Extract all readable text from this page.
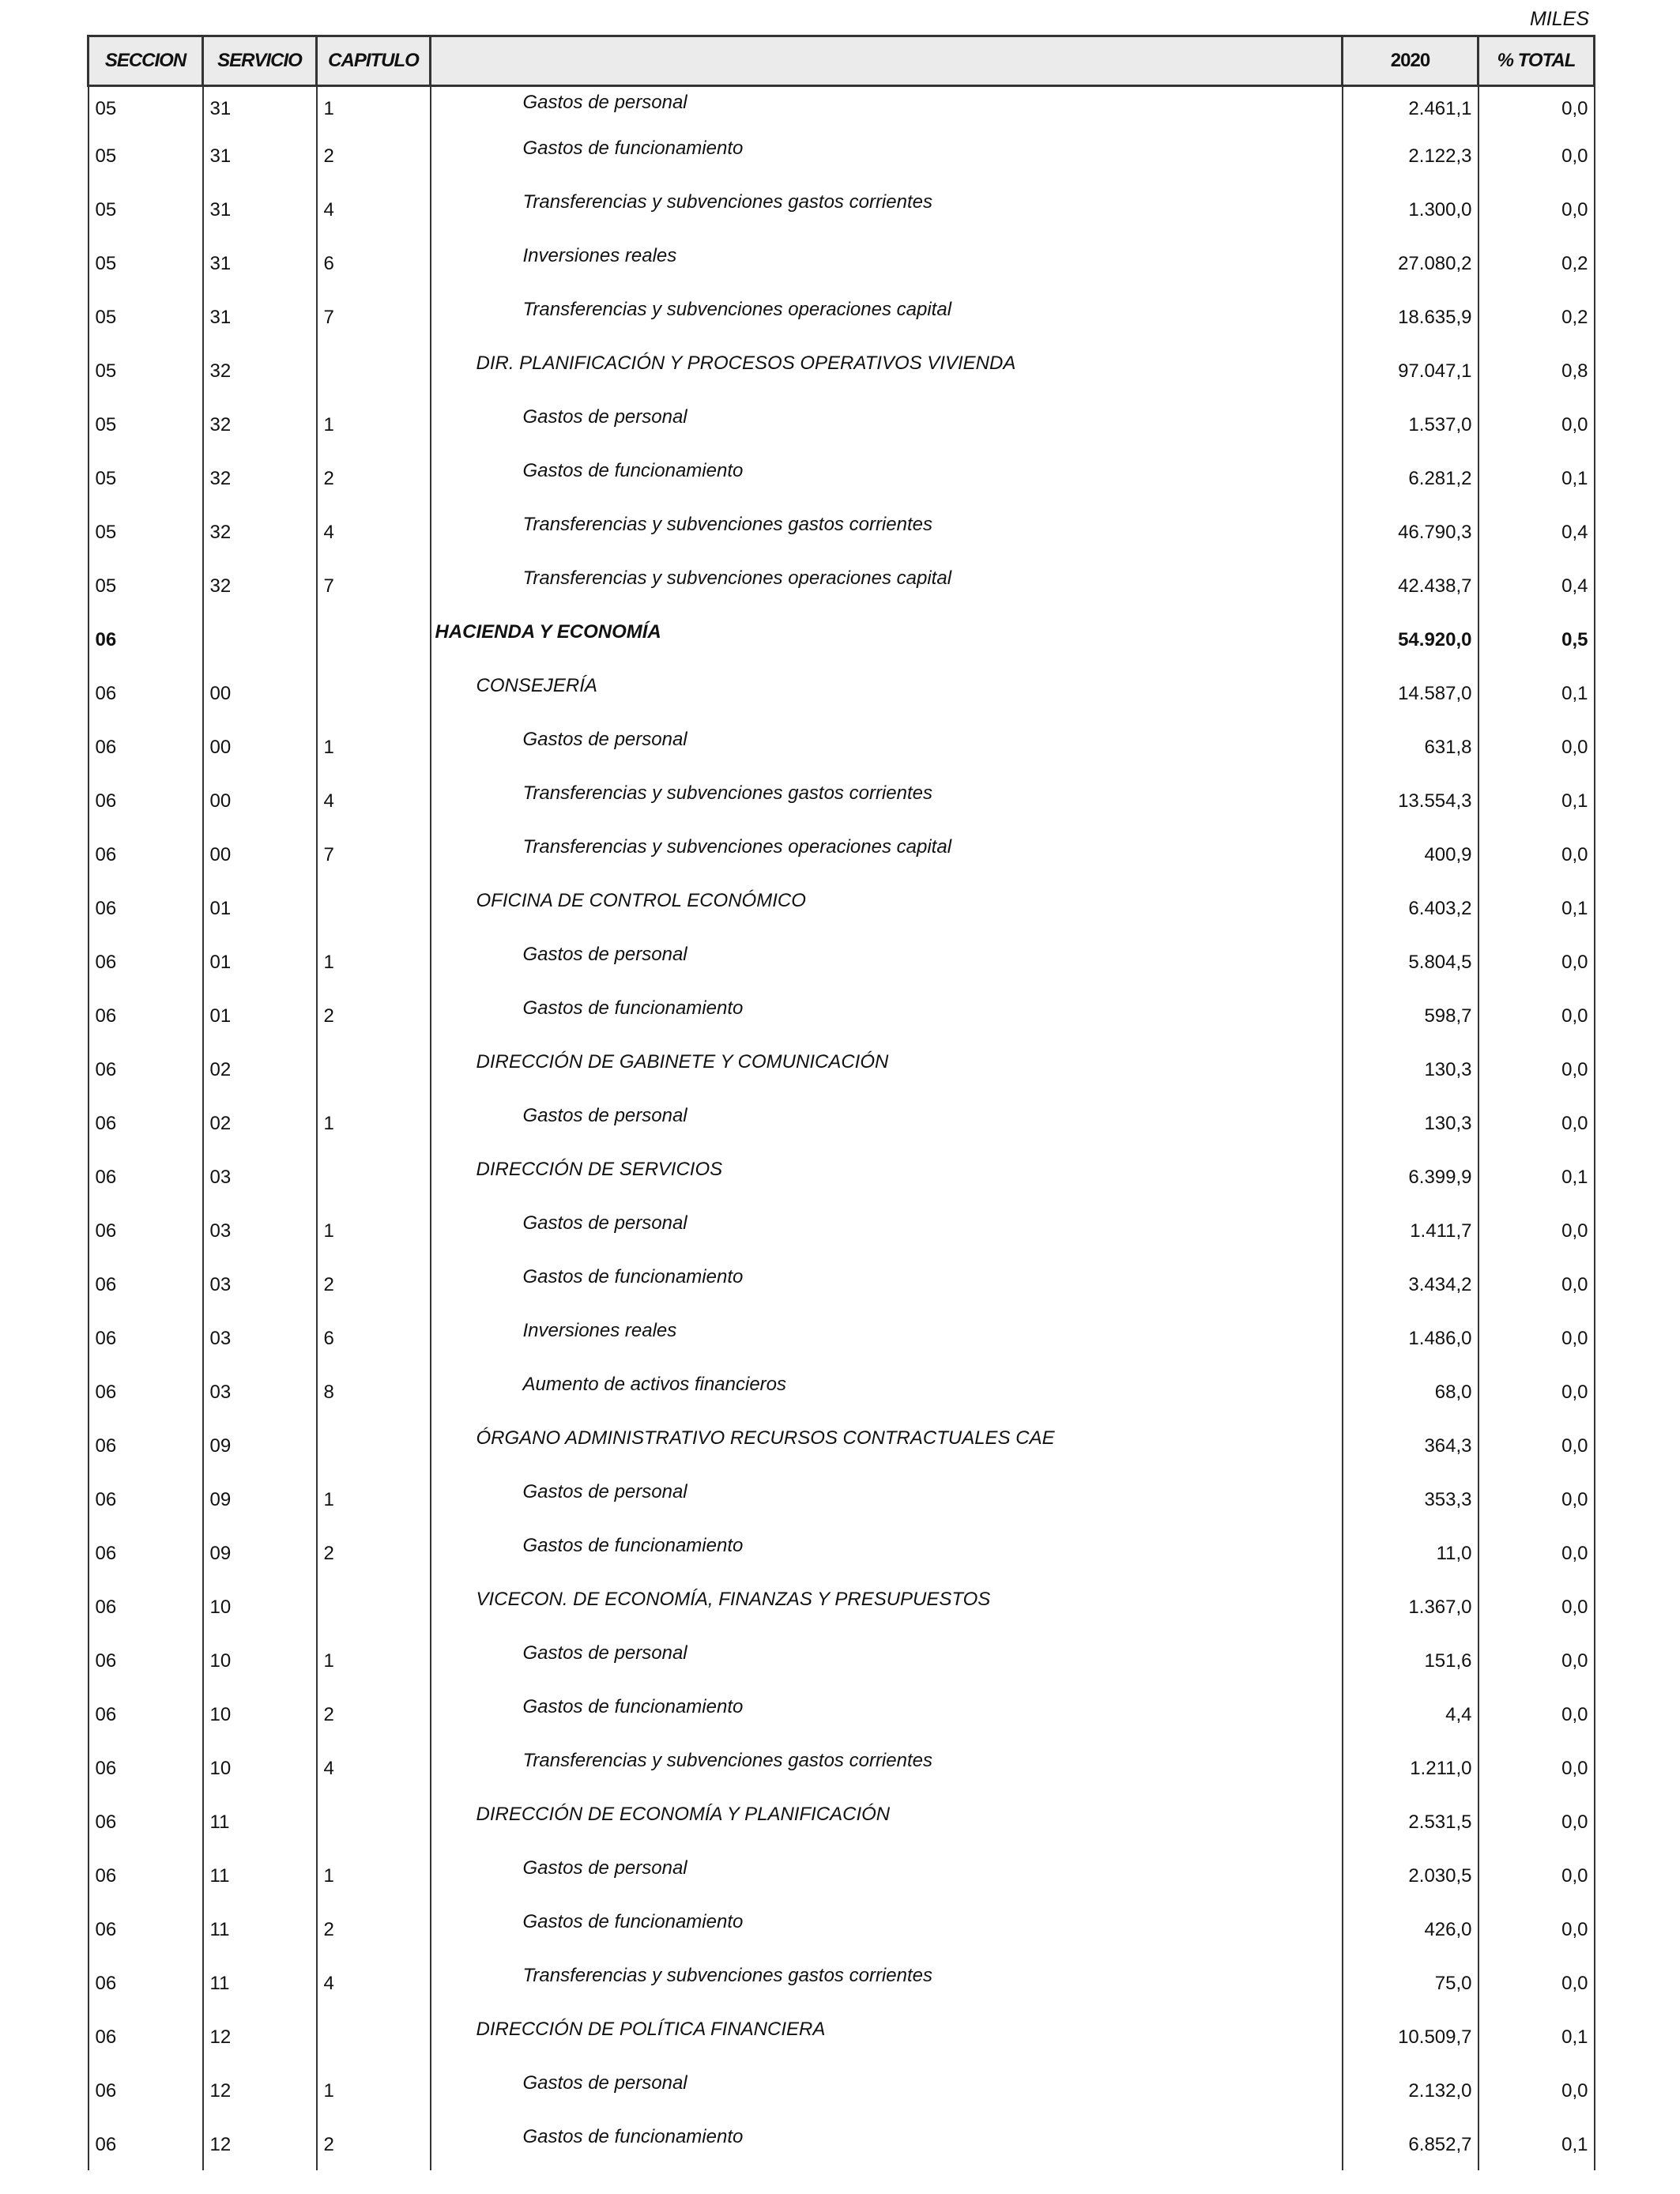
MILES
SECCION	SERVICIO	CAPITULO		2020	% TOTAL
05	31	1	Gastos de personal	2.461,1	0,0
05	31	2	Gastos de funcionamiento	2.122,3	0,0
05	31	4	Transferencias y subvenciones gastos corrientes	1.300,0	0,0
05	31	6	Inversiones reales	27.080,2	0,2
05	31	7	Transferencias y subvenciones operaciones capital	18.635,9	0,2
05	32		DIR. PLANIFICACIÓN Y PROCESOS OPERATIVOS VIVIENDA	97.047,1	0,8
05	32	1	Gastos de personal	1.537,0	0,0
05	32	2	Gastos de funcionamiento	6.281,2	0,1
05	32	4	Transferencias y subvenciones gastos corrientes	46.790,3	0,4
05	32	7	Transferencias y subvenciones operaciones capital	42.438,7	0,4
06			HACIENDA Y ECONOMÍA	54.920,0	0,5
06	00		CONSEJERÍA	14.587,0	0,1
06	00	1	Gastos de personal	631,8	0,0
06	00	4	Transferencias y subvenciones gastos corrientes	13.554,3	0,1
06	00	7	Transferencias y subvenciones operaciones capital	400,9	0,0
06	01		OFICINA DE CONTROL ECONÓMICO	6.403,2	0,1
06	01	1	Gastos de personal	5.804,5	0,0
06	01	2	Gastos de funcionamiento	598,7	0,0
06	02		DIRECCIÓN DE GABINETE Y COMUNICACIÓN	130,3	0,0
06	02	1	Gastos de personal	130,3	0,0
06	03		DIRECCIÓN DE SERVICIOS	6.399,9	0,1
06	03	1	Gastos de personal	1.411,7	0,0
06	03	2	Gastos de funcionamiento	3.434,2	0,0
06	03	6	Inversiones reales	1.486,0	0,0
06	03	8	Aumento de activos financieros	68,0	0,0
06	09		ÓRGANO ADMINISTRATIVO RECURSOS CONTRACTUALES CAE	364,3	0,0
06	09	1	Gastos de personal	353,3	0,0
06	09	2	Gastos de funcionamiento	11,0	0,0
06	10		VICECON. DE ECONOMÍA, FINANZAS Y PRESUPUESTOS	1.367,0	0,0
06	10	1	Gastos de personal	151,6	0,0
06	10	2	Gastos de funcionamiento	4,4	0,0
06	10	4	Transferencias y subvenciones gastos corrientes	1.211,0	0,0
06	11		DIRECCIÓN DE ECONOMÍA Y PLANIFICACIÓN	2.531,5	0,0
06	11	1	Gastos de personal	2.030,5	0,0
06	11	2	Gastos de funcionamiento	426,0	0,0
06	11	4	Transferencias y subvenciones gastos corrientes	75,0	0,0
06	12		DIRECCIÓN DE POLÍTICA FINANCIERA	10.509,7	0,1
06	12	1	Gastos de personal	2.132,0	0,0
06	12	2	Gastos de funcionamiento	6.852,7	0,1
